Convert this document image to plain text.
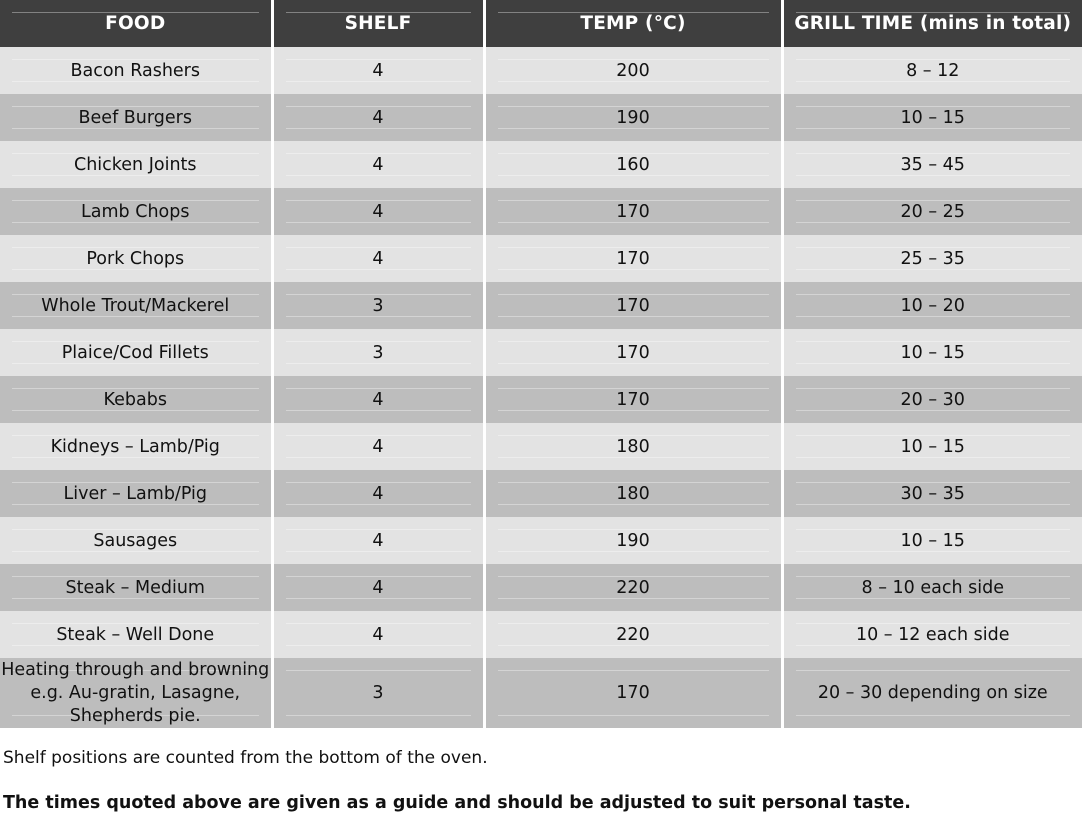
FOOD	SHELF	TEMP (°C)	GRILL TIME (mins in total)

Bacon Rashers	4	200	8 – 12

Beef Burgers	4	190	10 – 15

Chicken Joints	4	160	35 – 45

Lamb Chops	4	170	20 – 25

Pork Chops	4	170	25 – 35

Whole Trout/Mackerel	3	170	10 – 20

Plaice/Cod Fillets	3	170	10 – 15

Kebabs	4	170	20 – 30

Kidneys – Lamb/Pig	4	180	10 – 15

Liver – Lamb/Pig	4	180	30 – 35

Sausages	4	190	10 – 15

Steak – Medium	4	220	8 – 10 each side

Steak – Well Done	4	220	10 – 12 each side

Heating through and browning
e.g. Au-gratin, Lasagne,
Shepherds pie.	3	170	20 – 30 depending on size

Shelf positions are counted from the bottom of the oven.

The times quoted above are given as a guide and should be adjusted to suit personal taste.
